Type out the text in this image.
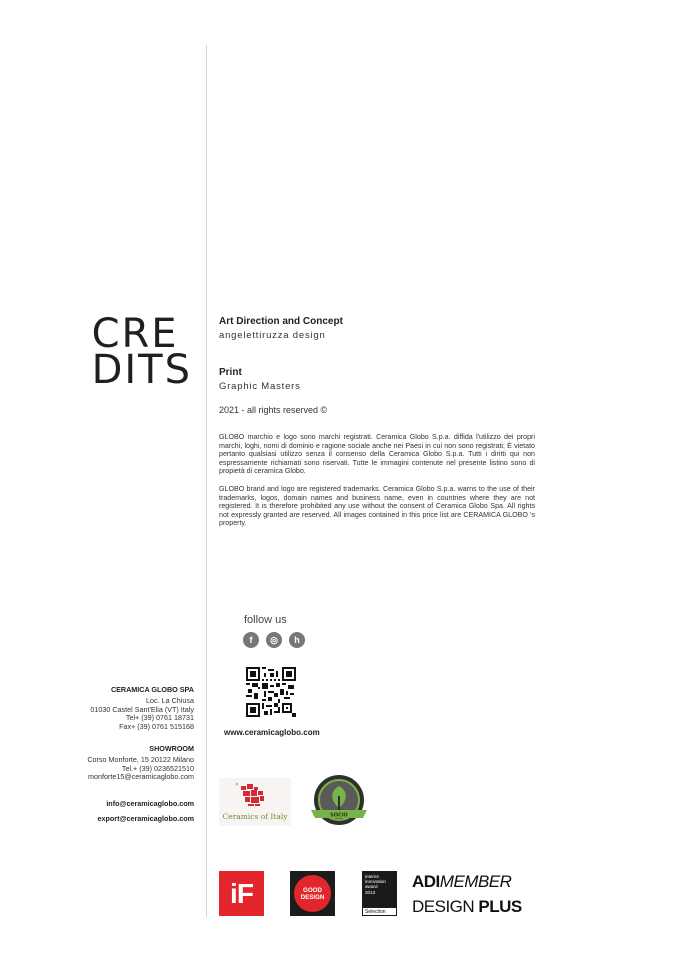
CRE
DITS
Art Direction and Concept
angelettiruzza design
Print
Graphic Masters
2021 - all rights reserved ©

GLOBO marchio e logo sono marchi registrati. Ceramica Globo S.p.a. diffida l'utilizzo dei propri marchi, loghi, nomi di dominio e ragione sociale anche nei Paesi in cui non sono registrati; È vietato pertanto qualsiasi utilizzo senza il consenso della Ceramica Globo S.p.a. Tutti i diritti qui non espressamente richiamati sono riservati. Tutte le immagini contenute nel presente listino sono di propietà di ceramica Globo.

GLOBO brand and logo are registered trademarks. Ceramica Globo S.p.a. warns to the use of their trademarks, logos, domain names and business name, even in countries where they are not registered. It is therefore prohibited any use without the consent of Ceramica Globo Spa. All rights not expressly granted are reserved. All images contained in this price list are CERAMICA GLOBO 's property.

follow us
f	◎	h
www.ceramicaglobo.com
CERAMICA GLOBO SPA
Loc. La Chiusa
01030 Castel Sant'Elia (VT) Italy
Tel+ (39) 0761 18731
Fax+ (39) 0761 515168
SHOWROOM
Corso Monforte, 15 20122 Milano
Tel.+ (39) 0236521510
monforte15@ceramicaglobo.com
info@ceramicaglobo.com
export@ceramicaglobo.com
"
Ceramics of Italy	SOCIO
iF	GOOD
DESIGN
interior
innovation
award
2013
Selection
ADIMEMBER
DESIGN PLUS
